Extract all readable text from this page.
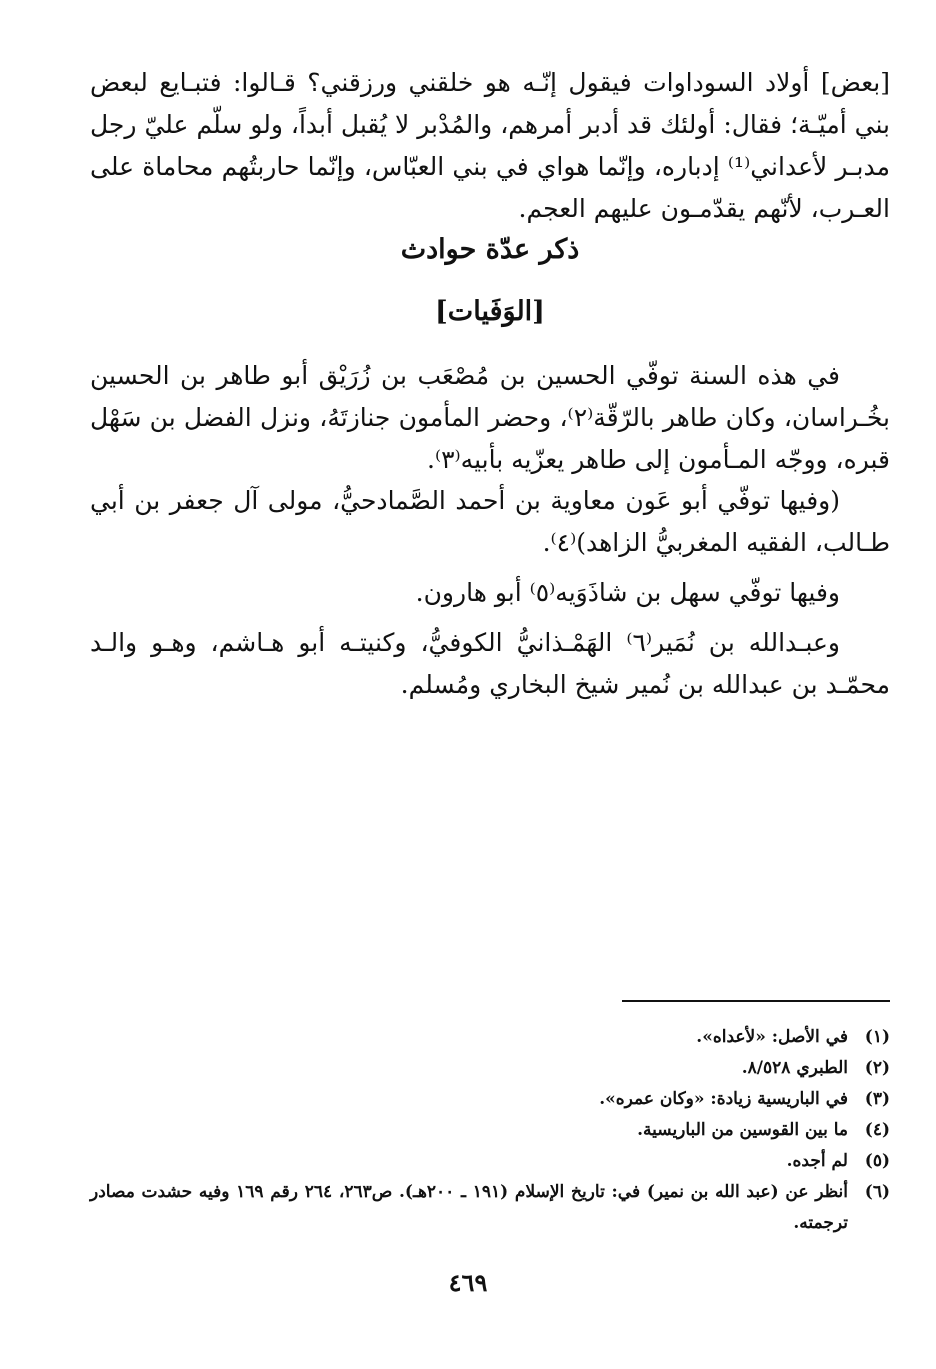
[بعض] أولاد السوداوات فيقول إنّـه هو خلقني ورزقني؟ قـالوا: فتبـايع لبعض بني أميّـة؛ فقال: أولئك قد أدبر أمرهم، والمُدْبر لا يُقبل أبداً، ولو سلّم عليّ رجل مدبـر لأعداني⁽¹⁾ إدباره، وإنّما هواي في بني العبّاس، وإنّما حاربتُهم محاماة على العـرب، لأنّهم يقدّمـون عليهم العجم.

ذكر عدّة حوادث
[الوَفَيات]

في هذه السنة توفّي الحسين بن مُصْعَب بن زُرَيْق أبو طاهر بن الحسين بخُـراسان، وكان طاهر بالرّقّة⁽٢⁾، وحضر المأمون جنازتَهُ، ونزل الفضل بن سَهْل قبره، ووجّه المـأمون إلى طاهر يعزّيه بأبيه⁽٣⁾.

(وفيها توفّي أبو عَون معاوية بن أحمد الصَّمادحيُّ، مولى آل جعفر بن أبي طـالب، الفقيه المغربيُّ الزاهد)⁽٤⁾.

وفيها توفّي سهل بن شاذَوَيه⁽٥⁾ أبو هارون.

وعبـدالله بن نُمَير⁽٦⁾ الهَمْـذانيُّ الكوفيُّ، وكنيتـه أبو هـاشم، وهـو والـد محمّـد بن عبدالله بن نُمير شيخ البخاري ومُسلم.

(١)
في الأصل: «لأعداه».
(٢)
الطبري ٨/٥٢٨.
(٣)
في الباريسية زيادة: «وكان عمره».
(٤)
ما بين القوسين من الباريسية.
(٥)
لم أجده.
(٦)
أنظر عن (عبد الله بن نمير) في: تاريخ الإسلام (١٩١ ـ ٢٠٠هـ). ص٢٦٣، ٢٦٤ رقم ١٦٩ وفيه حشدت مصادر ترجمته.
٤٦٩
